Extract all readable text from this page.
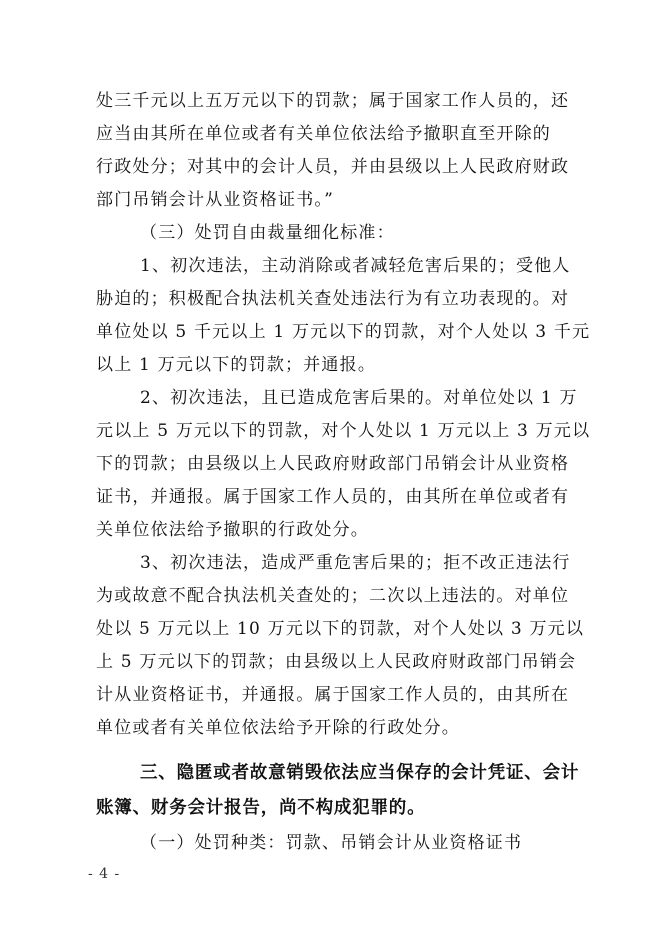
处三千元以上五万元以下的罚款；属于国家工作人员的，还
应当由其所在单位或者有关单位依法给予撤职直至开除的
行政处分；对其中的会计人员，并由县级以上人民政府财政
部门吊销会计从业资格证书。”
（三）处罚自由裁量细化标准：
1、初次违法，主动消除或者减轻危害后果的；受他人
胁迫的；积极配合执法机关查处违法行为有立功表现的。对
单位处以 5 千元以上 1 万元以下的罚款，对个人处以 3 千元
以上 1 万元以下的罚款；并通报。
2、初次违法，且已造成危害后果的。对单位处以 1 万
元以上 5 万元以下的罚款，对个人处以 1 万元以上 3 万元以
下的罚款；由县级以上人民政府财政部门吊销会计从业资格
证书，并通报。属于国家工作人员的，由其所在单位或者有
关单位依法给予撤职的行政处分。
3、初次违法，造成严重危害后果的；拒不改正违法行
为或故意不配合执法机关查处的；二次以上违法的。对单位
处以 5 万元以上 10 万元以下的罚款，对个人处以 3 万元以
上 5 万元以下的罚款；由县级以上人民政府财政部门吊销会
计从业资格证书，并通报。属于国家工作人员的，由其所在
单位或者有关单位依法给予开除的行政处分。
三、隐匿或者故意销毁依法应当保存的会计凭证、会计
账簿、财务会计报告，尚不构成犯罪的。
（一）处罚种类：罚款、吊销会计从业资格证书
- 4 -
